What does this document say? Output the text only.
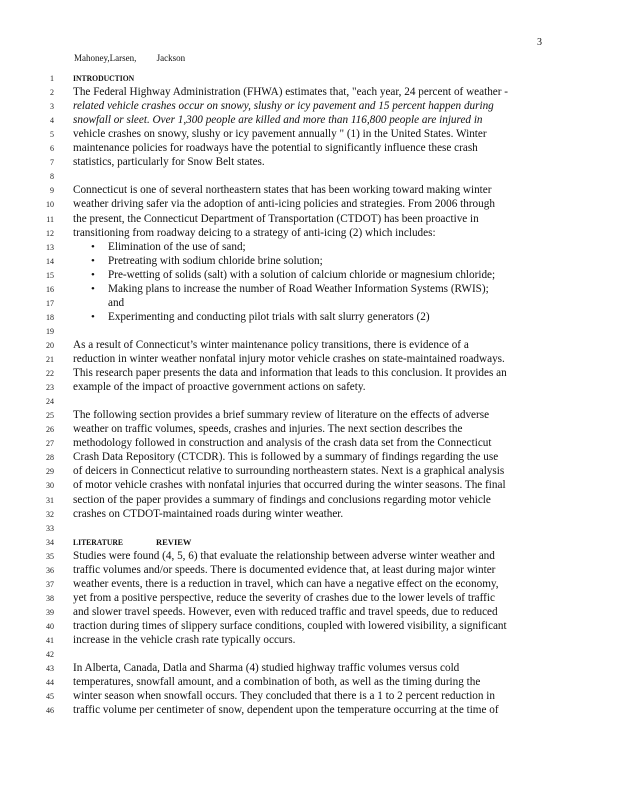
3
Mahoney,Larsen, Jackson
1 INTRODUCTION
2 The Federal Highway Administration (FHWA) estimates that, "each year, 24 percent of weather -
3 related vehicle crashes occur on snowy, slushy or icy pavement and 15 percent happen during
4 snowfall or sleet. Over 1,300 people are killed and more than 116,800 people are injured in
5 vehicle crashes on snowy, slushy or icy pavement annually " (1) in the United States. Winter
6 maintenance policies for roadways have the potential to significantly influence these crash
7 statistics, particularly for Snow Belt states.
8
9 Connecticut is one of several northeastern states that has been working toward making winter
10 weather driving safer via the adoption of anti-icing policies and strategies. From 2006 through
11 the present, the Connecticut Department of Transportation (CTDOT) has been proactive in
12 transitioning from roadway deicing to a strategy of anti-icing (2) which includes:
13	• Elimination of the use of sand;
14	• Pretreating with sodium chloride brine solution;
15	• Pre-wetting of solids (salt) with a solution of calcium chloride or magnesium chloride;
16	• Making plans to increase the number of Road Weather Information Systems (RWIS);
17	and
18	• Experimenting and conducting pilot trials with salt slurry generators (2)
19
20 As a result of Connecticut’s winter maintenance policy transitions, there is evidence of a
21 reduction in winter weather nonfatal injury motor vehicle crashes on state-maintained roadways.
22 This research paper presents the data and information that leads to this conclusion. It provides an
23 example of the impact of proactive government actions on safety.
24
25 The following section provides a brief summary review of literature on the effects of adverse
26 weather on traffic volumes, speeds, crashes and injuries. The next section describes the
27 methodology followed in construction and analysis of the crash data set from the Connecticut
28 Crash Data Repository (CTCDR). This is followed by a summary of findings regarding the use
29 of deicers in Connecticut relative to surrounding northeastern states. Next is a graphical analysis
30 of motor vehicle crashes with nonfatal injuries that occurred during the winter seasons. The final
31 section of the paper provides a summary of findings and conclusions regarding motor vehicle
32 crashes on CTDOT-maintained roads during winter weather.
33
34 LITERATURE	REVIEW
35 Studies were found (4, 5, 6) that evaluate the relationship between adverse winter weather and
36 traffic volumes and/or speeds. There is documented evidence that, at least during major winter
37 weather events, there is a reduction in travel, which can have a negative effect on the economy,
38 yet from a positive perspective, reduce the severity of crashes due to the lower levels of traffic
39 and slower travel speeds. However, even with reduced traffic and travel speeds, due to reduced
40 traction during times of slippery surface conditions, coupled with lowered visibility, a significant
41 increase in the vehicle crash rate typically occurs.
42
43 In Alberta, Canada, Datla and Sharma (4) studied highway traffic volumes versus cold
44 temperatures, snowfall amount, and a combination of both, as well as the timing during the
45 winter season when snowfall occurs. They concluded that there is a 1 to 2 percent reduction in
46 traffic volume per centimeter of snow, dependent upon the temperature occurring at the time of
